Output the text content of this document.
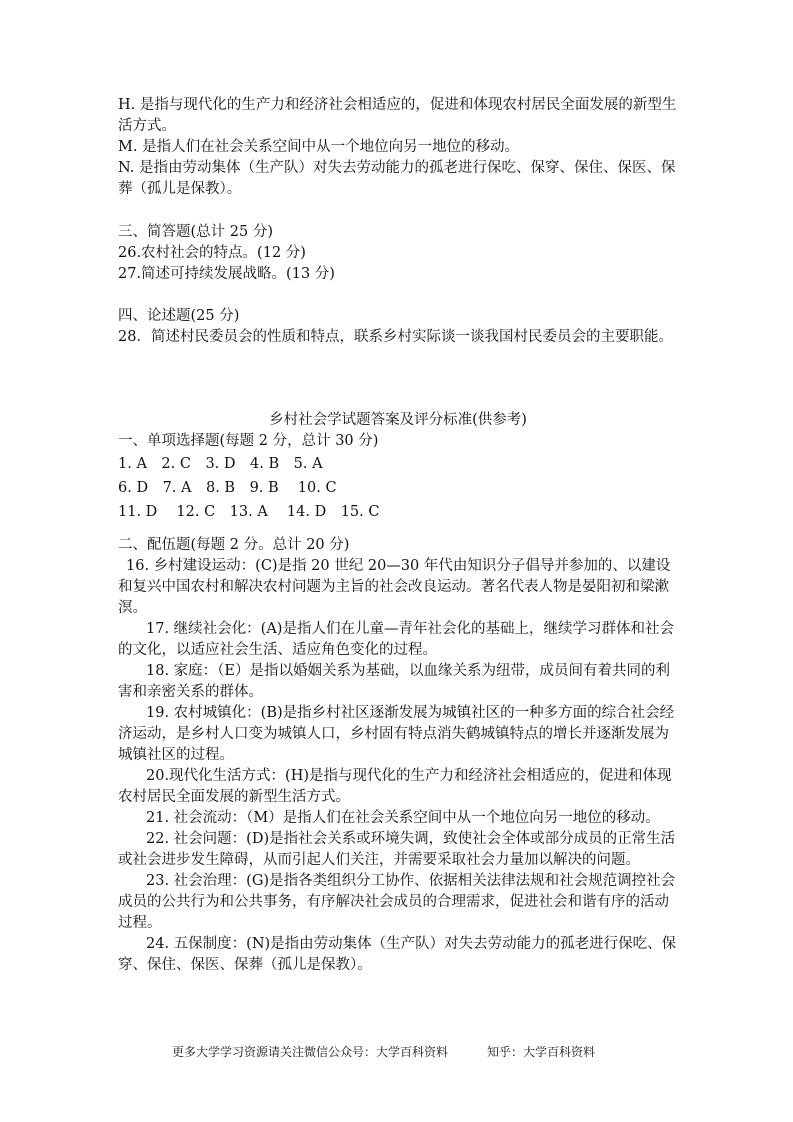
H. 是指与现代化的生产力和经济社会相适应的，促进和体现农村居民全面发展的新型生活方式。

M. 是指人们在社会关系空间中从一个地位向另一地位的移动。

N. 是指由劳动集体（生产队）对失去劳动能力的孤老进行保吃、保穿、保住、保医、保葬（孤儿是保教）。

三、简答题(总计 25 分)

26.农村社会的特点。(12 分)

27.简述可持续发展战略。(13 分)

四、论述题(25 分)

28．简述村民委员会的性质和特点，联系乡村实际谈一谈我国村民委员会的主要职能。

乡村社会学试题答案及评分标准(供参考)

一、单项选择题(每题 2 分，总计 30 分)

1. A　2. C　3. D　4. B　5. A

6. D　7. A　8. B　9. B　 10. C

11. D　 12. C　13. A　 14. D　15. C

二、配伍题(每题 2 分。总计 20 分)

16. 乡村建设运动：(C)是指 20 世纪 20—30 年代由知识分子倡导并参加的、以建设和复兴中国农村和解决农村问题为主旨的社会改良运动。著名代表人物是晏阳初和梁漱溟。

17. 继续社会化：(A)是指人们在儿童—青年社会化的基础上，继续学习群体和社会的文化，以适应社会生活、适应角色变化的过程。

18. 家庭：（E）是指以婚姻关系为基础，以血缘关系为纽带，成员间有着共同的利害和亲密关系的群体。

19. 农村城镇化：(B)是指乡村社区逐渐发展为城镇社区的一种多方面的综合社会经济运动，是乡村人口变为城镇人口，乡村固有特点消失鹤城镇特点的增长并逐渐发展为城镇社区的过程。

20.现代化生活方式：(H)是指与现代化的生产力和经济社会相适应的，促进和体现农村居民全面发展的新型生活方式。

21. 社会流动：（M）是指人们在社会关系空间中从一个地位向另一地位的移动。

22. 社会问题：(D)是指社会关系或环境失调，致使社会全体或部分成员的正常生活或社会进步发生障碍，从而引起人们关注，并需要采取社会力量加以解决的问题。

23. 社会治理：(G)是指各类组织分工协作、依据相关法律法规和社会规范调控社会成员的公共行为和公共事务，有序解决社会成员的合理需求，促进社会和谐有序的活动过程。

24. 五保制度：(N)是指由劳动集体（生产队）对失去劳动能力的孤老进行保吃、保穿、保住、保医、保葬（孤儿是保教）。

更多大学学习资源请关注微信公众号：大学百科资料	知乎：大学百科资料
